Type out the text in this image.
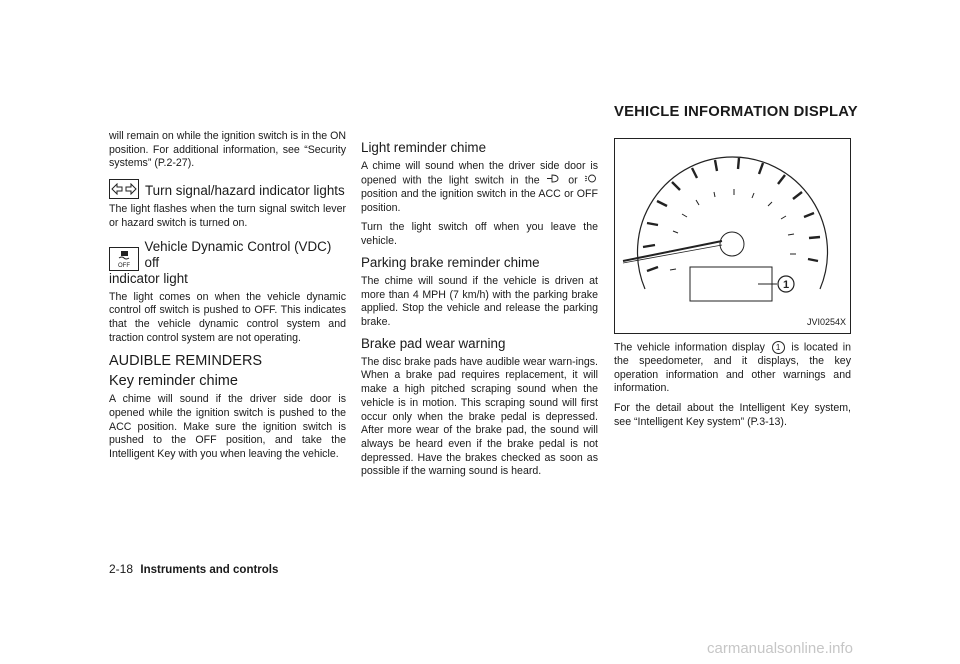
VEHICLE INFORMATION DISPLAY

will remain on while the ignition switch is in the ON position. For additional information, see “Security systems” (P.2-27).

Turn signal/hazard indicator lights

The light flashes when the turn signal switch lever or hazard switch is turned on.

OFF
Vehicle Dynamic Control (VDC) off
indicator light

The light comes on when the vehicle dynamic control off switch is pushed to OFF. This indicates that the vehicle dynamic control system and traction control system are not operating.

AUDIBLE REMINDERS
Key reminder chime

A chime will sound if the driver side door is opened while the ignition switch is pushed to the ACC position. Make sure the ignition switch is pushed to the OFF position, and take the Intelligent Key with you when leaving the vehicle.

Light reminder chime

A chime will sound when the driver side door is opened with the light switch in the	or  position and the ignition switch in the ACC or OFF position.

Turn the light switch off when you leave the vehicle.

Parking brake reminder chime

The chime will sound if the vehicle is driven at more than 4 MPH (7 km/h) with the parking brake applied. Stop the vehicle and release the parking brake.

Brake pad wear warning

The disc brake pads have audible wear warn-ings. When a brake pad requires replacement, it will make a high pitched scraping sound when the vehicle is in motion. This scraping sound will first occur only when the brake pedal is depressed. After more wear of the brake pad, the sound will always be heard even if the brake pedal is not depressed. Have the brakes checked as soon as possible if the warning sound is heard.

1
JVI0254X

The vehicle information display 1 is located in the speedometer, and it displays, the key operation information and other warnings and information.

For the detail about the Intelligent Key system, see “Intelligent Key system” (P.3-13).

2-18 Instruments and controls
carmanualsonline.info
